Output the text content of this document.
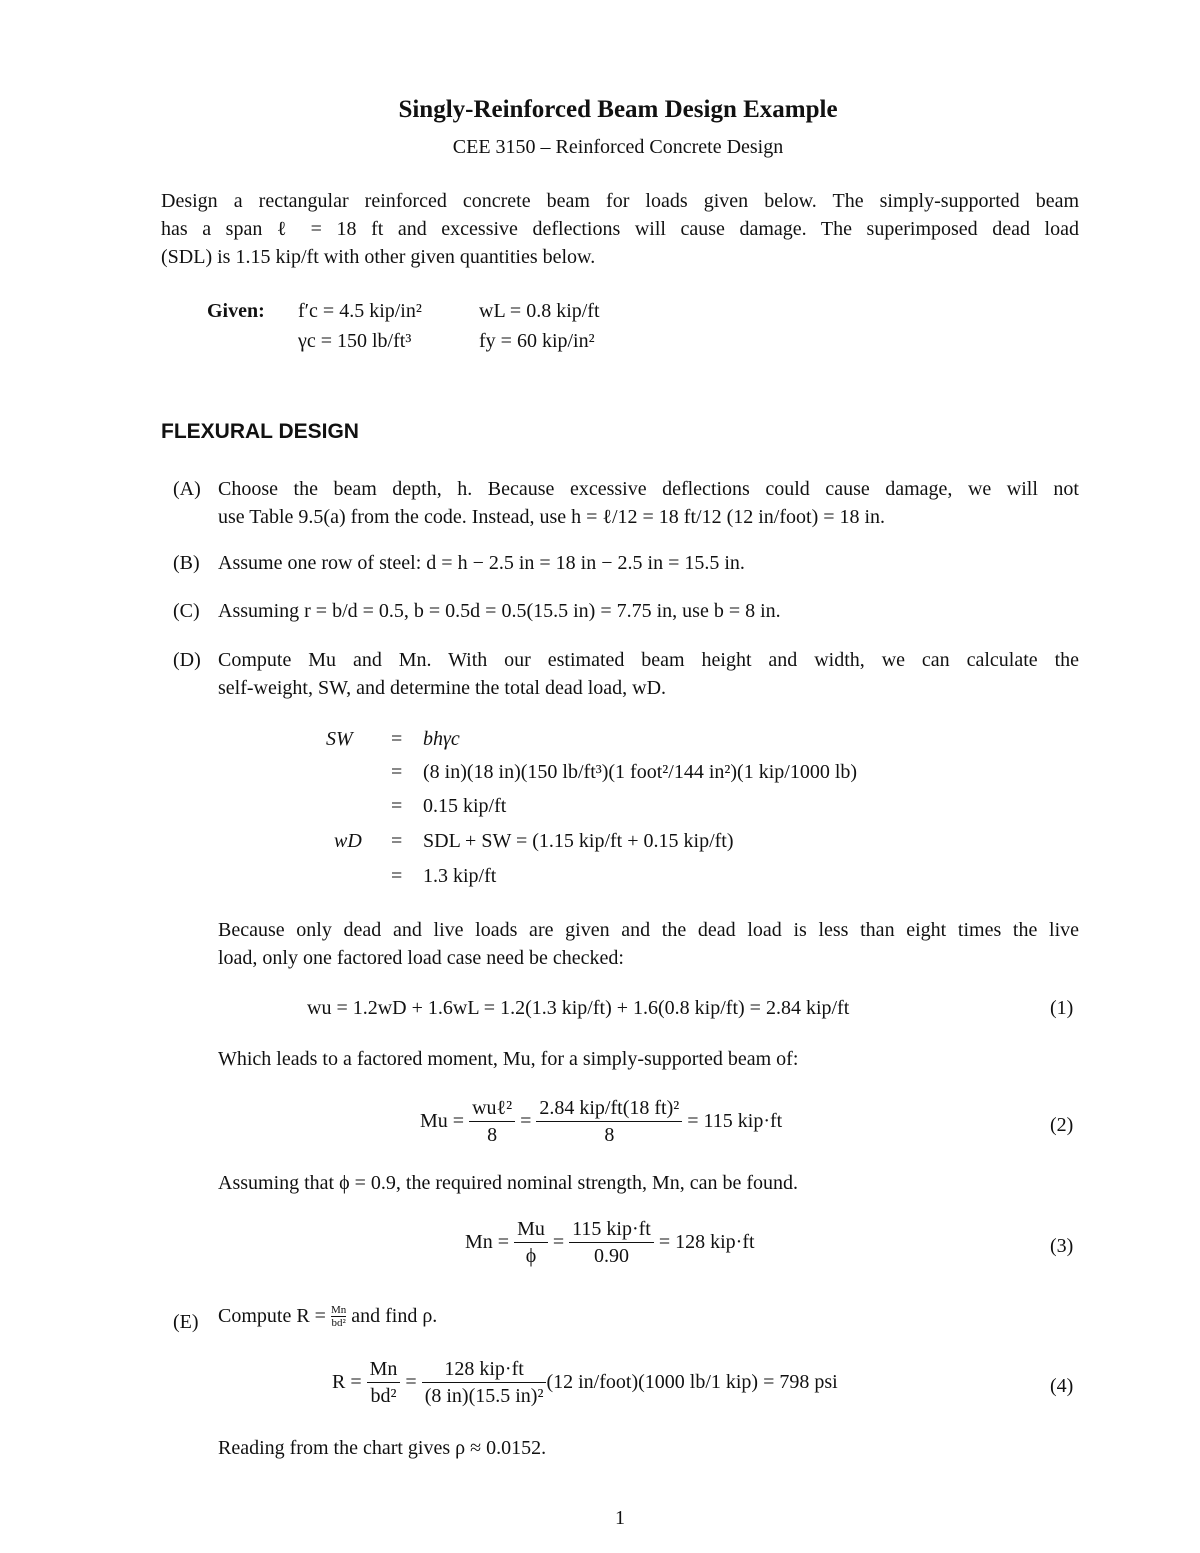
Singly-Reinforced Beam Design Example
CEE 3150 – Reinforced Concrete Design
Design a rectangular reinforced concrete beam for loads given below. The simply-supported beam
has a span ℓ = 18 ft and excessive deflections will cause damage. The superimposed dead load
(SDL) is 1.15 kip/ft with other given quantities below.
Given: f′c = 4.5 kip/in²	wL = 0.8 kip/ft
γc = 150 lb/ft³	fy = 60 kip/in²
FLEXURAL DESIGN
(A) Choose the beam depth, h. Because excessive deflections could cause damage, we will not
use Table 9.5(a) from the code. Instead, use h = ℓ/12 = 18 ft/12 (12 in/foot) = 18 in.
(B) Assume one row of steel: d = h − 2.5 in = 18 in − 2.5 in = 15.5 in.
(C) Assuming r = b/d = 0.5, b = 0.5d = 0.5(15.5 in) = 7.75 in, use b = 8 in.
(D) Compute Mu and Mn. With our estimated beam height and width, we can calculate the
self-weight, SW, and determine the total dead load, wD.
SW = bhγc
= (8 in)(18 in)(150 lb/ft³)(1 foot²/144 in²)(1 kip/1000 lb)
= 0.15 kip/ft
wD = SDL + SW = (1.15 kip/ft + 0.15 kip/ft)
= 1.3 kip/ft
Because only dead and live loads are given and the dead load is less than eight times the live
load, only one factored load case need be checked:
wu = 1.2wD + 1.6wL = 1.2(1.3 kip/ft) + 1.6(0.8 kip/ft) = 2.84 kip/ft	(1)
Which leads to a factored moment, Mu, for a simply-supported beam of:
$Mu = \frac{\text{wuℓ²}}{8} = \frac{\text{2.84 kip/ft(18 ft)²}}{8} = 115$ kip·ft	(2)
Assuming that ϕ = 0.9, the required nominal strength, Mn, can be found.
$Mn = \frac{Mu}{\phi} = \frac{\text{115 kip·ft}}{0.90} = 128$ kip·ft	(3)
(E) Compute $R = \frac{Mn}{\text{bd²}}$ and find ρ.
$R = \frac{Mn}{\text{bd²}} = \frac{\text{128 kip·ft}}{\text{(8 in)(15.5 in)²}} (12$ in/foot)(1000 lb/1 kip) = 798 psi	(4)
Reading from the chart gives ρ ≈ 0.0152.
1
